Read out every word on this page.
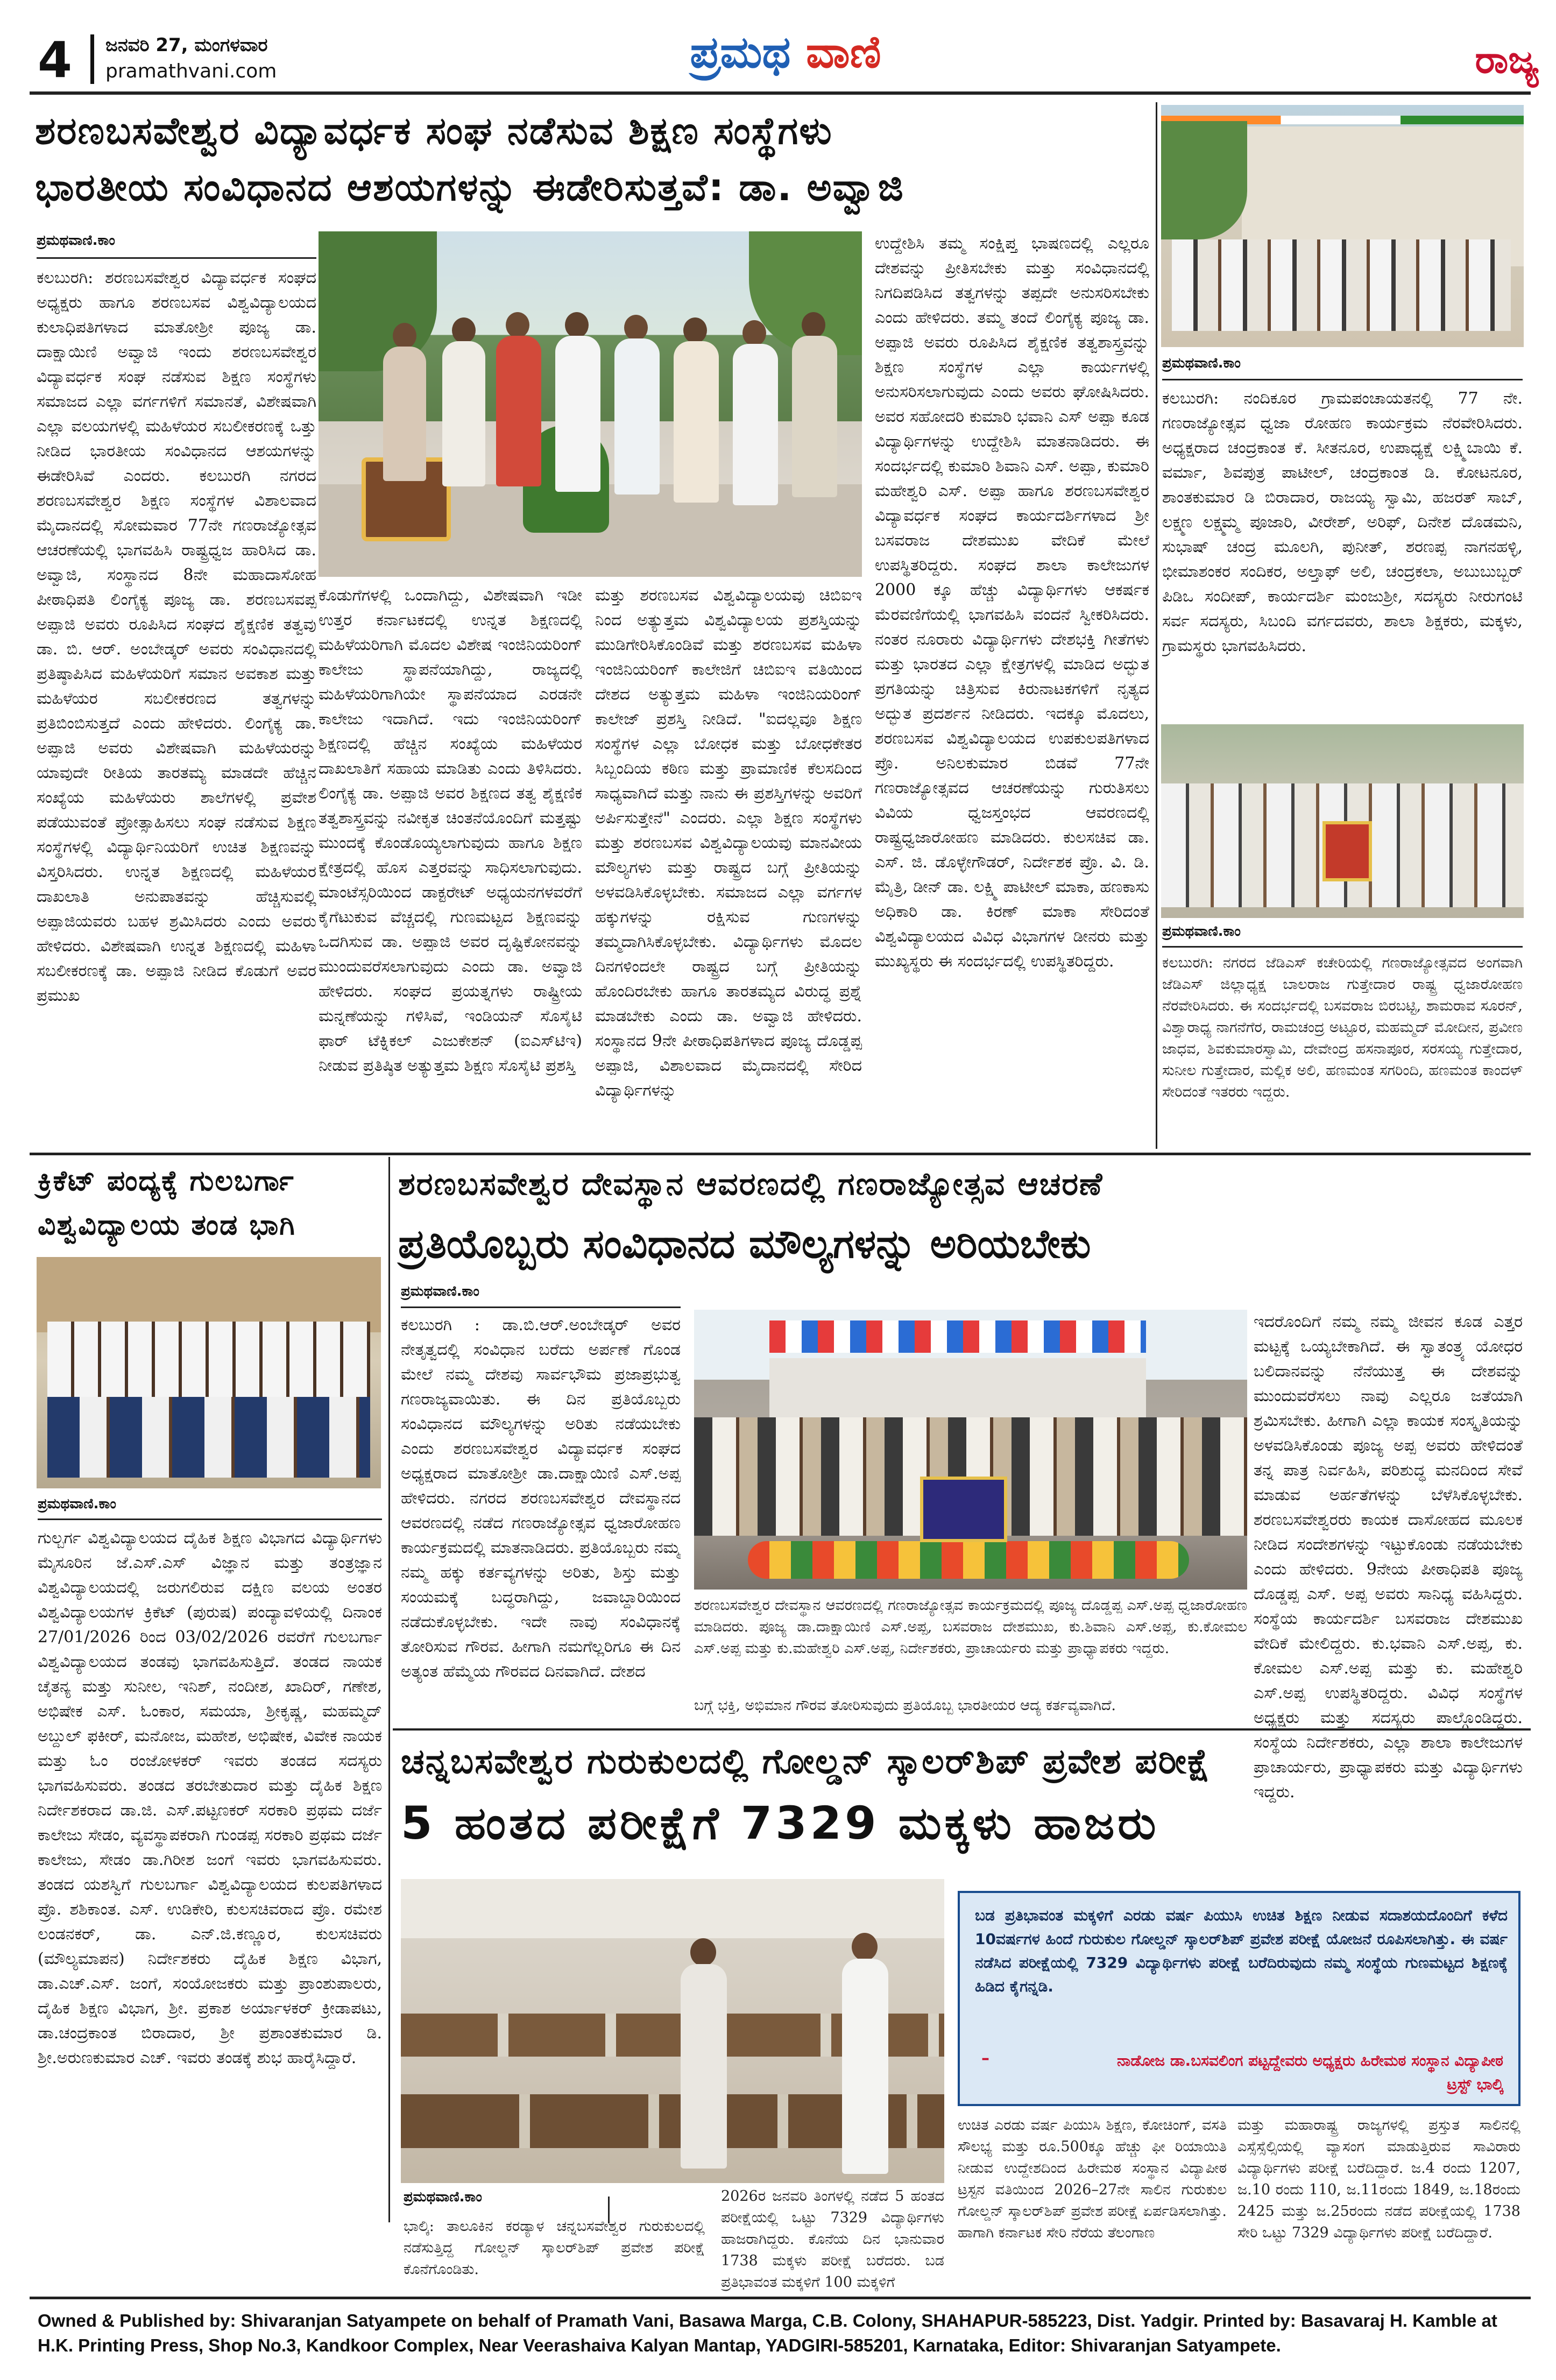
4 ಜನವರಿ 27, ಮಂಗಳವಾರ
pramathvani.com	ಪ್ರಮಥ ವಾಣಿ	ರಾಜ್ಯ
ಶರಣಬಸವೇಶ್ವರ ವಿದ್ಯಾವರ್ಧಕ ಸಂಘ ನಡೆಸುವ ಶಿಕ್ಷಣ ಸಂಸ್ಥೆಗಳು
ಭಾರತೀಯ ಸಂವಿಧಾನದ ಆಶಯಗಳನ್ನು ಈಡೇರಿಸುತ್ತವೆ: ಡಾ. ಅವ್ವಾಜಿ
ಪ್ರಮಥವಾಣಿ.ಕಾಂ
ಕಲಬುರಗಿ: ಶರಣಬಸವೇಶ್ವರ ವಿದ್ಯಾವರ್ಧಕ ಸಂಘದ ಅಧ್ಯಕ್ಷರು ಹಾಗೂ ಶರಣಬಸವ ವಿಶ್ವವಿದ್ಯಾಲಯದ ಕುಲಾಧಿಪತಿಗಳಾದ ಮಾತೋಶ್ರೀ ಪೂಜ್ಯ ಡಾ. ದಾಕ್ಷಾಯಿಣಿ ಅವ್ವಾಜಿ ಇಂದು ಶರಣಬಸವೇಶ್ವರ ವಿದ್ಯಾವರ್ಧಕ ಸಂಘ ನಡೆಸುವ ಶಿಕ್ಷಣ ಸಂಸ್ಥೆಗಳು ಸಮಾಜದ ಎಲ್ಲಾ ವರ್ಗಗಳಿಗೆ ಸಮಾನತೆ, ವಿಶೇಷವಾಗಿ ಎಲ್ಲಾ ವಲಯಗಳಲ್ಲಿ ಮಹಿಳೆಯರ ಸಬಲೀಕರಣಕ್ಕೆ ಒತ್ತು ನೀಡಿದ ಭಾರತೀಯ ಸಂವಿಧಾನದ ಆಶಯಗಳನ್ನು ಈಡೇರಿಸಿವೆ ಎಂದರು. ಕಲಬುರಗಿ ನಗರದ ಶರಣಬಸವೇಶ್ವರ ಶಿಕ್ಷಣ ಸಂಸ್ಥೆಗಳ ವಿಶಾಲವಾದ ಮೈದಾನದಲ್ಲಿ ಸೋಮವಾರ 77ನೇ ಗಣರಾಜ್ಯೋತ್ಸವ ಆಚರಣೆಯಲ್ಲಿ ಭಾಗವಹಿಸಿ ರಾಷ್ಟ್ರಧ್ವಜ ಹಾರಿಸಿದ ಡಾ. ಅವ್ವಾಜಿ, ಸಂಸ್ಥಾನದ 8ನೇ ಮಹಾದಾಸೋಹ ಪೀಠಾಧಿಪತಿ ಲಿಂಗೈಕ್ಯ ಪೂಜ್ಯ ಡಾ. ಶರಣಬಸವಪ್ಪ ಅಪ್ಪಾಜಿ ಅವರು ರೂಪಿಸಿದ ಸಂಘದ ಶೈಕ್ಷಣಿಕ ತತ್ವವು ಡಾ. ಬಿ. ಆರ್. ಅಂಬೇಡ್ಕರ್ ಅವರು ಸಂವಿಧಾನದಲ್ಲಿ ಪ್ರತಿಷ್ಠಾಪಿಸಿದ ಮಹಿಳೆಯರಿಗೆ ಸಮಾನ ಅವಕಾಶ ಮತ್ತು ಮಹಿಳೆಯರ ಸಬಲೀಕರಣದ ತತ್ವಗಳನ್ನು ಪ್ರತಿಬಿಂಬಿಸುತ್ತದೆ ಎಂದು ಹೇಳಿದರು. ಲಿಂಗೈಕ್ಯ ಡಾ. ಅಪ್ಪಾಜಿ ಅವರು ವಿಶೇಷವಾಗಿ ಮಹಿಳೆಯರನ್ನು ಯಾವುದೇ ರೀತಿಯ ತಾರತಮ್ಯ ಮಾಡದೇ ಹೆಚ್ಚಿನ ಸಂಖ್ಯೆಯ ಮಹಿಳೆಯರು ಶಾಲೆಗಳಲ್ಲಿ ಪ್ರವೇಶ ಪಡೆಯುವಂತೆ ಪ್ರೋತ್ಸಾಹಿಸಲು ಸಂಘ ನಡೆಸುವ ಶಿಕ್ಷಣ ಸಂಸ್ಥೆಗಳಲ್ಲಿ ವಿದ್ಯಾರ್ಥಿನಿಯರಿಗೆ ಉಚಿತ ಶಿಕ್ಷಣವನ್ನು ವಿಸ್ತರಿಸಿದರು. ಉನ್ನತ ಶಿಕ್ಷಣದಲ್ಲಿ ಮಹಿಳೆಯರ ದಾಖಲಾತಿ ಅನುಪಾತವನ್ನು ಹೆಚ್ಚಿಸುವಲ್ಲಿ ಅಪ್ಪಾಜಿಯವರು ಬಹಳ ಶ್ರಮಿಸಿದರು ಎಂದು ಅವರು ಹೇಳಿದರು. ವಿಶೇಷವಾಗಿ ಉನ್ನತ ಶಿಕ್ಷಣದಲ್ಲಿ ಮಹಿಳಾ ಸಬಲೀಕರಣಕ್ಕೆ ಡಾ. ಅಪ್ಪಾಜಿ ನೀಡಿದ ಕೊಡುಗೆ ಅವರ ಪ್ರಮುಖ
ಕೊಡುಗೆಗಳಲ್ಲಿ ಒಂದಾಗಿದ್ದು, ವಿಶೇಷವಾಗಿ ಇಡೀ ಉತ್ತರ ಕರ್ನಾಟಕದಲ್ಲಿ ಉನ್ನತ ಶಿಕ್ಷಣದಲ್ಲಿ ಮಹಿಳೆಯರಿಗಾಗಿ ಮೊದಲ ವಿಶೇಷ ಇಂಜಿನಿಯರಿಂಗ್ ಕಾಲೇಜು ಸ್ಥಾಪನೆಯಾಗಿದ್ದು, ರಾಜ್ಯದಲ್ಲಿ ಮಹಿಳೆಯರಿಗಾಗಿಯೇ ಸ್ಥಾಪನೆಯಾದ ಎರಡನೇ ಕಾಲೇಜು ಇದಾಗಿದೆ. ಇದು ಇಂಜಿನಿಯರಿಂಗ್ ಶಿಕ್ಷಣದಲ್ಲಿ ಹೆಚ್ಚಿನ ಸಂಖ್ಯೆಯ ಮಹಿಳೆಯರ ದಾಖಲಾತಿಗೆ ಸಹಾಯ ಮಾಡಿತು ಎಂದು ತಿಳಿಸಿದರು. ಲಿಂಗೈಕ್ಯ ಡಾ. ಅಪ್ಪಾಜಿ ಅವರ ಶಿಕ್ಷಣದ ತತ್ವ ಶೈಕ್ಷಣಿಕ ತತ್ವಶಾಸ್ತ್ರವನ್ನು ನವೀಕೃತ ಚಿಂತನೆಯೊಂದಿಗೆ ಮತ್ತಷ್ಟು ಮುಂದಕ್ಕೆ ಕೊಂಡೊಯ್ಯಲಾಗುವುದು ಹಾಗೂ ಶಿಕ್ಷಣ ಕ್ಷೇತ್ರದಲ್ಲಿ ಹೊಸ ಎತ್ತರವನ್ನು ಸಾಧಿಸಲಾಗುವುದು. ಮಾಂಟೆಸ್ಸರಿಯಿಂದ ಡಾಕ್ಟರೇಟ್ ಅಧ್ಯಯನಗಳವರೆಗೆ ಕೈಗೆಟುಕುವ ವೆಚ್ಚದಲ್ಲಿ ಗುಣಮಟ್ಟದ ಶಿಕ್ಷಣವನ್ನು ಒದಗಿಸುವ ಡಾ. ಅಪ್ಪಾಜಿ ಅವರ ದೃಷ್ಟಿಕೋನವನ್ನು ಮುಂದುವರೆಸಲಾಗುವುದು ಎಂದು ಡಾ. ಅವ್ವಾಜಿ ಹೇಳಿದರು. ಸಂಘದ ಪ್ರಯತ್ನಗಳು ರಾಷ್ಟ್ರೀಯ ಮನ್ನಣೆಯನ್ನು ಗಳಿಸಿವೆ, ಇಂಡಿಯನ್ ಸೊಸೈಟಿ ಫಾರ್ ಟೆಕ್ನಿಕಲ್ ಎಜುಕೇಶನ್ (ಐಎಸ್‌ಟಿಇ) ನೀಡುವ ಪ್ರತಿಷ್ಠಿತ ಅತ್ಯುತ್ತಮ ಶಿಕ್ಷಣ ಸೊಸೈಟಿ ಪ್ರಶಸ್ತಿ
ಮತ್ತು ಶರಣಬಸವ ವಿಶ್ವವಿದ್ಯಾಲಯವು ಚಿಬಿಐಇ ನಿಂದ ಅತ್ಯುತ್ತಮ ವಿಶ್ವವಿದ್ಯಾಲಯ ಪ್ರಶಸ್ತಿಯನ್ನು ಮುಡಿಗೇರಿಸಿಕೊಂಡಿವೆ ಮತ್ತು ಶರಣಬಸವ ಮಹಿಳಾ ಇಂಜಿನಿಯರಿಂಗ್ ಕಾಲೇಜಿಗೆ ಚಿಬಿಐಇ ವತಿಯಿಂದ ದೇಶದ ಅತ್ಯುತ್ತಮ ಮಹಿಳಾ ಇಂಜಿನಿಯರಿಂಗ್ ಕಾಲೇಜ್ ಪ್ರಶಸ್ತಿ ನೀಡಿದೆ. "ಐದಲ್ಲವೂ ಶಿಕ್ಷಣ ಸಂಸ್ಥೆಗಳ ಎಲ್ಲಾ ಬೋಧಕ ಮತ್ತು ಬೋಧಕೇತರ ಸಿಬ್ಬಂದಿಯ ಕಠಿಣ ಮತ್ತು ಪ್ರಾಮಾಣಿಕ ಕೆಲಸದಿಂದ ಸಾಧ್ಯವಾಗಿದೆ ಮತ್ತು ನಾನು ಈ ಪ್ರಶಸ್ತಿಗಳನ್ನು ಅವರಿಗೆ ಅರ್ಪಿಸುತ್ತೇನೆ" ಎಂದರು. ಎಲ್ಲಾ ಶಿಕ್ಷಣ ಸಂಸ್ಥೆಗಳು ಮತ್ತು ಶರಣಬಸವ ವಿಶ್ವವಿದ್ಯಾಲಯವು ಮಾನವೀಯ ಮೌಲ್ಯಗಳು ಮತ್ತು ರಾಷ್ಟ್ರದ ಬಗ್ಗೆ ಪ್ರೀತಿಯನ್ನು ಅಳವಡಿಸಿಕೊಳ್ಳಬೇಕು. ಸಮಾಜದ ಎಲ್ಲಾ ವರ್ಗಗಳ ಹಕ್ಕುಗಳನ್ನು ರಕ್ಷಿಸುವ ಗುಣಗಳನ್ನು ತಮ್ಮದಾಗಿಸಿಕೊಳ್ಳಬೇಕು. ವಿದ್ಯಾರ್ಥಿಗಳು ಮೊದಲ ದಿನಗಳಿಂದಲೇ ರಾಷ್ಟ್ರದ ಬಗ್ಗೆ ಪ್ರೀತಿಯನ್ನು ಹೊಂದಿರಬೇಕು ಹಾಗೂ ತಾರತಮ್ಯದ ವಿರುದ್ಧ ಪ್ರಶ್ನೆ ಮಾಡಬೇಕು ಎಂದು ಡಾ. ಅವ್ವಾಜಿ ಹೇಳಿದರು. ಸಂಸ್ಥಾನದ 9ನೇ ಪೀಠಾಧಿಪತಿಗಳಾದ ಪೂಜ್ಯ ದೊಡ್ಡಪ್ಪ ಅಪ್ಪಾಜಿ, ವಿಶಾಲವಾದ ಮೈದಾನದಲ್ಲಿ ಸೇರಿದ ವಿದ್ಯಾರ್ಥಿಗಳನ್ನು
ಉದ್ದೇಶಿಸಿ ತಮ್ಮ ಸಂಕ್ಷಿಪ್ತ ಭಾಷಣದಲ್ಲಿ ಎಲ್ಲರೂ ದೇಶವನ್ನು ಪ್ರೀತಿಸಬೇಕು ಮತ್ತು ಸಂವಿಧಾನದಲ್ಲಿ ನಿಗದಿಪಡಿಸಿದ ತತ್ವಗಳನ್ನು ತಪ್ಪದೇ ಅನುಸರಿಸಬೇಕು ಎಂದು ಹೇಳಿದರು. ತಮ್ಮ ತಂದೆ ಲಿಂಗೈಕ್ಯ ಪೂಜ್ಯ ಡಾ. ಅಪ್ಪಾಜಿ ಅವರು ರೂಪಿಸಿದ ಶೈಕ್ಷಣಿಕ ತತ್ವಶಾಸ್ತ್ರವನ್ನು ಶಿಕ್ಷಣ ಸಂಸ್ಥೆಗಳ ಎಲ್ಲಾ ಕಾರ್ಯಗಳಲ್ಲಿ ಅನುಸರಿಸಲಾಗುವುದು ಎಂದು ಅವರು ಘೋಷಿಸಿದರು. ಅವರ ಸಹೋದರಿ ಕುಮಾರಿ ಭವಾನಿ ಎಸ್ ಅಪ್ಪಾ ಕೂಡ ವಿದ್ಯಾರ್ಥಿಗಳನ್ನು ಉದ್ದೇಶಿಸಿ ಮಾತನಾಡಿದರು. ಈ ಸಂದರ್ಭದಲ್ಲಿ ಕುಮಾರಿ ಶಿವಾನಿ ಎಸ್. ಅಪ್ಪಾ, ಕುಮಾರಿ ಮಹೇಶ್ವರಿ ಎಸ್. ಅಪ್ಪಾ ಹಾಗೂ ಶರಣಬಸವೇಶ್ವರ ವಿದ್ಯಾವರ್ಧಕ ಸಂಘದ ಕಾರ್ಯದರ್ಶಿಗಳಾದ ಶ್ರೀ ಬಸವರಾಜ ದೇಶಮುಖ ವೇದಿಕೆ ಮೇಲೆ ಉಪಸ್ಥಿತರಿದ್ದರು. ಸಂಘದ ಶಾಲಾ ಕಾಲೇಜುಗಳ 2000 ಕ್ಕೂ ಹೆಚ್ಚು ವಿದ್ಯಾರ್ಥಿಗಳು ಆಕರ್ಷಕ ಮೆರವಣಿಗೆಯಲ್ಲಿ ಭಾಗವಹಿಸಿ ವಂದನೆ ಸ್ವೀಕರಿಸಿದರು. ನಂತರ ನೂರಾರು ವಿದ್ಯಾರ್ಥಿಗಳು ದೇಶಭಕ್ತಿ ಗೀತೆಗಳು ಮತ್ತು ಭಾರತದ ಎಲ್ಲಾ ಕ್ಷೇತ್ರಗಳಲ್ಲಿ ಮಾಡಿದ ಅದ್ಭುತ ಪ್ರಗತಿಯನ್ನು ಚಿತ್ರಿಸುವ ಕಿರುನಾಟಕಗಳಿಗೆ ನೃತ್ಯದ ಅದ್ಭುತ ಪ್ರದರ್ಶನ ನೀಡಿದರು. ಇದಕ್ಕೂ ಮೊದಲು, ಶರಣಬಸವ ವಿಶ್ವವಿದ್ಯಾಲಯದ ಉಪಕುಲಪತಿಗಳಾದ ಪ್ರೊ. ಅನಿಲಕುಮಾರ ಬಿಡವೆ 77ನೇ ಗಣರಾಜ್ಯೋತ್ಸವದ ಆಚರಣೆಯನ್ನು ಗುರುತಿಸಲು ವಿವಿಯ ಧ್ವಜಸ್ತಂಭದ ಆವರಣದಲ್ಲಿ ರಾಷ್ಟ್ರಧ್ವಜಾರೋಹಣ ಮಾಡಿದರು. ಕುಲಸಚಿವ ಡಾ. ಎಸ್. ಜಿ. ಡೊಳ್ಳೇಗೌಡರ್, ನಿರ್ದೇಶಕ ಪ್ರೊ. ವಿ. ಡಿ. ಮೈತ್ರಿ, ಡೀನ್ ಡಾ. ಲಕ್ಷ್ಮಿ ಪಾಟೀಲ್ ಮಾಕಾ, ಹಣಕಾಸು ಅಧಿಕಾರಿ ಡಾ. ಕಿರಣ್ ಮಾಕಾ ಸೇರಿದಂತೆ ವಿಶ್ವವಿದ್ಯಾಲಯದ ವಿವಿಧ ವಿಭಾಗಗಳ ಡೀನರು ಮತ್ತು ಮುಖ್ಯಸ್ಥರು ಈ ಸಂದರ್ಭದಲ್ಲಿ ಉಪಸ್ಥಿತರಿದ್ದರು.
ಪ್ರಮಥವಾಣಿ.ಕಾಂ
ಕಲಬುರಗಿ: ನಂದಿಕೂರ ಗ್ರಾಮಪಂಚಾಯತನಲ್ಲಿ 77 ನೇ. ಗಣರಾಜ್ಯೋತ್ಸವ ಧ್ವಜಾ ರೋಹಣ ಕಾರ್ಯಕ್ರಮ ನೆರವೇರಿಸಿದರು. ಅಧ್ಯಕ್ಷರಾದ ಚಂದ್ರಕಾಂತ ಕೆ. ಸೀತನೂರ, ಉಪಾಧ್ಯಕ್ಷೆ ಲಕ್ಷ್ಮಿಬಾಯಿ ಕೆ. ವರ್ಮಾ, ಶಿವಪುತ್ರ ಪಾಟೀಲ್, ಚಂದ್ರಕಾಂತ ಡಿ. ಕೋಟನೂರ, ಶಾಂತಕುಮಾರ ಡಿ ಬಿರಾದಾರ, ರಾಜಯ್ಯ ಸ್ವಾಮಿ, ಹಜರತ್ ಸಾಬ್, ಲಕ್ಷ್ಮಣ ಲಕ್ಷ್ಮಮ್ಮ ಪೂಜಾರಿ, ವೀರೇಶ್, ಅರಿಫ್, ದಿನೇಶ ದೊಡಮನಿ, ಸುಭಾಷ್ ಚಂದ್ರ ಮೂಲಗಿ, ಪುನೀತ್, ಶರಣಪ್ಪ ನಾಗನಹಳ್ಳಿ, ಭೀಮಾಶಂಕರ ಸಂದಿಕರ, ಅಲ್ತಾಫ್ ಅಲಿ, ಚಂದ್ರಕಲಾ, ಅಬುಬುಬ್ಬರ್ ಪಿಡಿಒ ಸಂದೀಪ್, ಕಾರ್ಯದರ್ಶಿ ಮಂಜುಶ್ರೀ, ಸದಸ್ಯರು ನೀರುಗಂಟಿ ಸರ್ವ ಸದಸ್ಯರು, ಸಿಬಂದಿ ವರ್ಗದವರು, ಶಾಲಾ ಶಿಕ್ಷಕರು, ಮಕ್ಕಳು, ಗ್ರಾಮಸ್ಥರು ಭಾಗವಹಿಸಿದರು.
ಪ್ರಮಥವಾಣಿ.ಕಾಂ
ಕಲಬುರಗಿ: ನಗರದ ಜೆಡಿಎಸ್ ಕಚೇರಿಯಲ್ಲಿ ಗಣರಾಜ್ಯೋತ್ಸವದ ಅಂಗವಾಗಿ ಜೆಡಿಎಸ್ ಜಿಲ್ಲಾಧ್ಯಕ್ಷ ಬಾಲರಾಜ ಗುತ್ತೇದಾರ ರಾಷ್ಟ್ರ ಧ್ವಜಾರೋಹಣ ನೆರವೇರಿಸಿದರು. ಈ ಸಂದರ್ಭದಲ್ಲಿ ಬಸವರಾಜ ಬಿರಬಟ್ಟಿ, ಶಾಮರಾವ ಸೂರನ್, ವಿಶ್ವಾರಾಧ್ಯ ನಾಗನೆಗೆರ, ರಾಮಚಂದ್ರ ಅಟ್ಟೂರ, ಮಹಮ್ಮದ್ ಮೋದೀನ, ಪ್ರವೀಣ ಜಾಧವ, ಶಿವಕುಮಾರಸ್ವಾಮಿ, ದೇವೇಂದ್ರ ಹಸನಾಪೂರ, ಸರಸಯ್ಯ ಗುತ್ತೇದಾರ, ಸುನೀಲ ಗುತ್ತೇದಾರ, ಮಲ್ಲಿಕ ಅಲಿ, ಹಣಮಂತ ಸಗರಿಂದಿ, ಹಣಮಂತ ಕಾಂದಳ್ ಸೇರಿದಂತೆ ಇತರರು ಇದ್ದರು.
ಕ್ರಿಕೆಟ್ ಪಂದ್ಯಕ್ಕೆ ಗುಲಬರ್ಗಾ
ವಿಶ್ವವಿದ್ಯಾಲಯ ತಂಡ ಭಾಗಿ
ಪ್ರಮಥವಾಣಿ.ಕಾಂ
ಗುಲ್ಬರ್ಗ ವಿಶ್ವವಿದ್ಯಾಲಯದ ದೈಹಿಕ ಶಿಕ್ಷಣ ವಿಭಾಗದ ವಿದ್ಯಾರ್ಥಿಗಳು ಮೈಸೂರಿನ ಜೆ.ಎಸ್.ಎಸ್ ವಿಜ್ಞಾನ ಮತ್ತು ತಂತ್ರಜ್ಞಾನ ವಿಶ್ವವಿದ್ಯಾಲಯದಲ್ಲಿ ಜರುಗಲಿರುವ ದಕ್ಷಿಣ ವಲಯ ಅಂತರ ವಿಶ್ವವಿದ್ಯಾಲಯಗಳ ಕ್ರಿಕೆಟ್ (ಪುರುಷ) ಪಂದ್ಯಾವಳಿಯಲ್ಲಿ ದಿನಾಂಕ 27/01/2026 ರಿಂದ 03/02/2026 ರವರೆಗೆ ಗುಲಬರ್ಗಾ ವಿಶ್ವವಿದ್ಯಾಲಯದ ತಂಡವು ಭಾಗವಹಿಸುತ್ತಿದೆ. ತಂಡದ ನಾಯಕ ಚೈತನ್ಯ ಮತ್ತು ಸುನೀಲ, ಇನಿಶ್, ನಂದೀಶ, ಖಾದಿರ್, ಗಣೇಶ, ಅಭಿಷೇಕ ಎಸ್. ಓಂಕಾರ, ಸಮಯಾ, ಶ್ರೀಕೃಷ್ಣ, ಮಹಮ್ಮದ್ ಅಬ್ದುಲ್ ಫಕೀರ್, ಮನೋಜ, ಮಹೇಶ, ಅಭಿಷೇಕ, ವಿವೇಕ ನಾಯಕ ಮತ್ತು ಓಂ ರಂಜೋಳಕರ್ ಇವರು ತಂಡದ ಸದಸ್ಯರು ಭಾಗವಹಿಸುವರು. ತಂಡದ ತರಬೇತುದಾರ ಮತ್ತು ದೈಹಿಕ ಶಿಕ್ಷಣ ನಿರ್ದೇಶಕರಾದ ಡಾ.ಜಿ. ಎಸ್.ಪಟ್ಟಣಕರ್ ಸರಕಾರಿ ಪ್ರಥಮ ದರ್ಜೆ ಕಾಲೇಜು ಸೇಡಂ, ವ್ಯವಸ್ಥಾಪಕರಾಗಿ ಗುಂಡಪ್ಪ ಸರಕಾರಿ ಪ್ರಥಮ ದರ್ಜೆ ಕಾಲೇಜು, ಸೇಡಂ ಡಾ.ಗಿರೀಶ ಜಂಗೆ ಇವರು ಭಾಗವಹಿಸುವರು. ತಂಡದ ಯಶಸ್ವಿಗೆ ಗುಲಬರ್ಗಾ ವಿಶ್ವವಿದ್ಯಾಲಯದ ಕುಲಪತಿಗಳಾದ ಪ್ರೊ. ಶಶಿಕಾಂತ. ಎಸ್. ಉಡಿಕೇರಿ, ಕುಲಸಚಿವರಾದ ಪ್ರೊ. ರಮೇಶ ಲಂಡನಕರ್, ಡಾ. ಎನ್.ಜಿ.ಕಣ್ಣೂರ, ಕುಲಸಚಿವರು (ಮೌಲ್ಯಮಾಪನ) ನಿರ್ದೇಶಕರು ದೈಹಿಕ ಶಿಕ್ಷಣ ವಿಭಾಗ, ಡಾ.ಎಚ್.ಎಸ್. ಜಂಗೆ, ಸಂಯೋಜಕರು ಮತ್ತು ಪ್ರಾಂಶುಪಾಲರು, ದೈಹಿಕ ಶಿಕ್ಷಣ ವಿಭಾಗ, ಶ್ರೀ. ಪ್ರಕಾಶ ಅರ್ಯಾಳಕರ್ ಕ್ರೀಡಾಪಟು, ಡಾ.ಚಂದ್ರಕಾಂತ ಬಿರಾದಾರ, ಶ್ರೀ ಪ್ರಶಾಂತಕುಮಾರ ಡಿ. ಶ್ರೀ.ಅರುಣಕುಮಾರ ಎಚ್. ಇವರು ತಂಡಕ್ಕೆ ಶುಭ ಹಾರೈಸಿದ್ದಾರೆ.
ಶರಣಬಸವೇಶ್ವರ ದೇವಸ್ಥಾನ ಆವರಣದಲ್ಲಿ ಗಣರಾಜ್ಯೋತ್ಸವ ಆಚರಣೆ
ಪ್ರತಿಯೊಬ್ಬರು ಸಂವಿಧಾನದ ಮೌಲ್ಯಗಳನ್ನು ಅರಿಯಬೇಕು
ಪ್ರಮಥವಾಣಿ.ಕಾಂ
ಕಲಬುರಗಿ : ಡಾ.ಬಿ.ಆರ್.ಅಂಬೇಡ್ಕರ್ ಅವರ ನೇತೃತ್ವದಲ್ಲಿ ಸಂವಿಧಾನ ಬರೆದು ಅರ್ಪಣೆ ಗೊಂಡ ಮೇಲೆ ನಮ್ಮ ದೇಶವು ಸಾರ್ವಭೌಮ ಪ್ರಜಾಪ್ರಭುತ್ವ ಗಣರಾಜ್ಯವಾಯಿತು. ಈ ದಿನ ಪ್ರತಿಯೊಬ್ಬರು ಸಂವಿಧಾನದ ಮೌಲ್ಯಗಳನ್ನು ಅರಿತು ನಡೆಯಬೇಕು ಎಂದು ಶರಣಬಸವೇಶ್ವರ ವಿದ್ಯಾವರ್ಧಕ ಸಂಘದ ಅಧ್ಯಕ್ಷರಾದ ಮಾತೋಶ್ರೀ ಡಾ.ದಾಕ್ಷಾಯಿಣಿ ಎಸ್.ಅಪ್ಪ ಹೇಳಿದರು. ನಗರದ ಶರಣಬಸವೇಶ್ವರ ದೇವಸ್ಥಾನದ ಆವರಣದಲ್ಲಿ ನಡೆದ ಗಣರಾಜ್ಯೋತ್ಸವ ಧ್ವಜಾರೋಹಣ ಕಾರ್ಯಕ್ರಮದಲ್ಲಿ ಮಾತನಾಡಿದರು. ಪ್ರತಿಯೊಬ್ಬರು ನಮ್ಮ ನಮ್ಮ ಹಕ್ಕು ಕರ್ತವ್ಯಗಳನ್ನು ಅರಿತು, ಶಿಸ್ತು ಮತ್ತು ಸಂಯಮಕ್ಕೆ ಬದ್ಧರಾಗಿದ್ದು, ಜವಾಬ್ದಾರಿಯಿಂದ ನಡೆದುಕೊಳ್ಳಬೇಕು. ಇದೇ ನಾವು ಸಂವಿಧಾನಕ್ಕೆ ತೋರಿಸುವ ಗೌರವ. ಹೀಗಾಗಿ ನಮಗೆಲ್ಲರಿಗೂ ಈ ದಿನ ಅತ್ಯಂತ ಹೆಮ್ಮೆಯ ಗೌರವದ ದಿನವಾಗಿದೆ. ದೇಶದ
ಶರಣಬಸವೇಶ್ವರ ದೇವಸ್ಥಾನ ಆವರಣದಲ್ಲಿ ಗಣರಾಜ್ಯೋತ್ಸವ ಕಾರ್ಯಕ್ರಮದಲ್ಲಿ ಪೂಜ್ಯ ದೊಡ್ಡಪ್ಪ ಎಸ್.ಅಪ್ಪ ಧ್ವಜಾರೋಹಣ ಮಾಡಿದರು. ಪೂಜ್ಯ ಡಾ.ದಾಕ್ಷಾಯಿಣಿ ಎಸ್.ಅಪ್ಪ, ಬಸವರಾಜ ದೇಶಮುಖ, ಕು.ಶಿವಾನಿ ಎಸ್.ಅಪ್ಪ, ಕು.ಕೋಮಲ ಎಸ್.ಅಪ್ಪ ಮತ್ತು ಕು.ಮಹೇಶ್ವರಿ ಎಸ್.ಅಪ್ಪ, ನಿರ್ದೇಶಕರು, ಪ್ರಾಚಾರ್ಯರು ಮತ್ತು ಪ್ರಾಧ್ಯಾಪಕರು ಇದ್ದರು.
ಬಗ್ಗೆ ಭಕ್ತಿ, ಅಭಿಮಾನ ಗೌರವ ತೋರಿಸುವುದು ಪ್ರತಿಯೊಬ್ಬ ಭಾರತೀಯರ ಆದ್ಯ ಕರ್ತವ್ಯವಾಗಿದೆ.
ಇದರೊಂದಿಗೆ ನಮ್ಮ ನಮ್ಮ ಜೀವನ ಕೂಡ ಎತ್ತರ ಮಟ್ಟಕ್ಕೆ ಒಯ್ಯಬೇಕಾಗಿದೆ. ಈ ಸ್ವಾತಂತ್ರ್ಯ ಯೋಧರ ಬಲಿದಾನವನ್ನು ನೆನೆಯುತ್ತ ಈ ದೇಶವನ್ನು ಮುಂದುವರೆಸಲು ನಾವು ಎಲ್ಲರೂ ಜತೆಯಾಗಿ ಶ್ರಮಿಸಬೇಕು. ಹೀಗಾಗಿ ಎಲ್ಲಾ ಕಾಯಕ ಸಂಸ್ಕೃತಿಯನ್ನು ಅಳವಡಿಸಿಕೊಂಡು ಪೂಜ್ಯ ಅಪ್ಪ ಅವರು ಹೇಳಿದಂತೆ ತನ್ನ ಪಾತ್ರ ನಿರ್ವಹಿಸಿ, ಪರಿಶುದ್ಧ ಮನದಿಂದ ಸೇವೆ ಮಾಡುವ ಅರ್ಹತೆಗಳನ್ನು ಬೆಳೆಸಿಕೊಳ್ಳಬೇಕು. ಶರಣಬಸವೇಶ್ವರರು ಕಾಯಕ ದಾಸೋಹದ ಮೂಲಕ ನೀಡಿದ ಸಂದೇಶಗಳನ್ನು ಇಟ್ಟುಕೊಂಡು ನಡೆಯಬೇಕು ಎಂದು ಹೇಳಿದರು. 9ನೇಯ ಪೀಠಾಧಿಪತಿ ಪೂಜ್ಯ ದೊಡ್ಡಪ್ಪ ಎಸ್. ಅಪ್ಪ ಅವರು ಸಾನಿಧ್ಯ ವಹಿಸಿದ್ದರು. ಸಂಸ್ಥೆಯ ಕಾರ್ಯದರ್ಶಿ ಬಸವರಾಜ ದೇಶಮುಖ ವೇದಿಕೆ ಮೇಲಿದ್ದರು. ಕು.ಭವಾನಿ ಎಸ್.ಅಪ್ಪ, ಕು. ಕೋಮಲ ಎಸ್.ಅಪ್ಪ ಮತ್ತು ಕು. ಮಹೇಶ್ವರಿ ಎಸ್.ಅಪ್ಪ ಉಪಸ್ಥಿತರಿದ್ದರು. ವಿವಿಧ ಸಂಸ್ಥೆಗಳ ಅಧ್ಯಕ್ಷರು ಮತ್ತು ಸದಸ್ಯರು ಪಾಲ್ಗೊಂಡಿದ್ದರು. ಸಂಸ್ಥೆಯ ನಿರ್ದೇಶಕರು, ಎಲ್ಲಾ ಶಾಲಾ ಕಾಲೇಜುಗಳ ಪ್ರಾಚಾರ್ಯರು, ಪ್ರಾಧ್ಯಾಪಕರು ಮತ್ತು ವಿದ್ಯಾರ್ಥಿಗಳು ಇದ್ದರು.
ಚನ್ನಬಸವೇಶ್ವರ ಗುರುಕುಲದಲ್ಲಿ ಗೋಲ್ಡನ್ ಸ್ಕಾಲರ್‌ಶಿಪ್ ಪ್ರವೇಶ ಪರೀಕ್ಷೆ
5 ಹಂತದ ಪರೀಕ್ಷೆಗೆ 7329 ಮಕ್ಕಳು ಹಾಜರು
ಪ್ರಮಥವಾಣಿ.ಕಾಂ
ಭಾಲ್ಕಿ: ತಾಲೂಕಿನ ಕರಡ್ಯಾಳ ಚನ್ನಬಸವೇಶ್ವರ ಗುರುಕುಲದಲ್ಲಿ ನಡೆಸುತ್ತಿದ್ದ ಗೋಲ್ಡನ್ ಸ್ಕಾಲರ್‌ಶಿಪ್ ಪ್ರವೇಶ ಪರೀಕ್ಷೆ ಕೊನೆಗೊಂಡಿತು.
2026ರ ಜನವರಿ ತಿಂಗಳಲ್ಲಿ ನಡೆದ 5 ಹಂತದ ಪರೀಕ್ಷೆಯಲ್ಲಿ ಒಟ್ಟು 7329 ವಿದ್ಯಾರ್ಥಿಗಳು ಹಾಜರಾಗಿದ್ದರು. ಕೊನೆಯ ದಿನ ಭಾನುವಾರ 1738 ಮಕ್ಕಳು ಪರೀಕ್ಷೆ ಬರೆದರು. ಬಡ ಪ್ರತಿಭಾವಂತ ಮಕ್ಕಳಿಗೆ 100 ಮಕ್ಕಳಿಗೆ
ಬಡ ಪ್ರತಿಭಾವಂತ ಮಕ್ಕಳಿಗೆ ಎರಡು ವರ್ಷ ಪಿಯುಸಿ ಉಚಿತ ಶಿಕ್ಷಣ ನೀಡುವ ಸದಾಶಯದೊಂದಿಗೆ ಕಳೆದ 10ವರ್ಷಗಳ ಹಿಂದೆ ಗುರುಕುಲ ಗೋಲ್ಡನ್ ಸ್ಕಾಲರ್‌ಶಿಪ್ ಪ್ರವೇಶ ಪರೀಕ್ಷೆ ಯೋಜನೆ ರೂಪಿಸಲಾಗಿತ್ತು. ಈ ವರ್ಷ ನಡೆಸಿದ ಪರೀಕ್ಷೆಯಲ್ಲಿ 7329 ವಿದ್ಯಾರ್ಥಿಗಳು ಪರೀಕ್ಷೆ ಬರೆದಿರುವುದು ನಮ್ಮ ಸಂಸ್ಥೆಯ ಗುಣಮಟ್ಟದ ಶಿಕ್ಷಣಕ್ಕೆ ಹಿಡಿದ ಕೈಗನ್ನಡಿ.
–	ನಾಡೋಜ ಡಾ.ಬಸವಲಿಂಗ ಪಟ್ಟದ್ದೇವರು ಅಧ್ಯಕ್ಷರು ಹಿರೇಮಠ ಸಂಸ್ಥಾನ ವಿದ್ಯಾಪೀಠ ಟ್ರಸ್ಟ್ ಭಾಲ್ಕಿ
ಉಚಿತ ಎರಡು ವರ್ಷ ಪಿಯುಸಿ ಶಿಕ್ಷಣ, ಕೋಚಿಂಗ್, ವಸತಿ ಸೌಲಭ್ಯ ಮತ್ತು ರೂ.500ಕ್ಕೂ ಹೆಚ್ಚು ಫೀ ರಿಯಾಯಿತಿ ನೀಡುವ ಉದ್ದೇಶದಿಂದ ಹಿರೇಮಠ ಸಂಸ್ಥಾನ ವಿದ್ಯಾಪೀಠ ಟ್ರಸ್ಟನ ವತಿಯಿಂದ 2026–27ನೇ ಸಾಲಿನ ಗುರುಕುಲ ಗೋಲ್ಡನ್ ಸ್ಕಾಲರ್‌ಶಿಪ್ ಪ್ರವೇಶ ಪರೀಕ್ಷೆ ಏರ್ಪಡಿಸಲಾಗಿತ್ತು. ಹಾಗಾಗಿ ಕರ್ನಾಟಕ ಸೇರಿ ನೆರೆಯ ತೆಲಂಗಾಣ
ಮತ್ತು ಮಹಾರಾಷ್ಟ್ರ ರಾಜ್ಯಗಳಲ್ಲಿ ಪ್ರಸ್ತುತ ಸಾಲಿನಲ್ಲಿ ಎಸ್ಸೆಸ್ಸೆಲ್ಸಿಯಲ್ಲಿ ವ್ಯಾಸಂಗ ಮಾಡುತ್ತಿರುವ ಸಾವಿರಾರು ವಿದ್ಯಾರ್ಥಿಗಳು ಪರೀಕ್ಷೆ ಬರೆದಿದ್ದಾರೆ. ಜ.4 ರಂದು 1207, ಜ.10 ರಂದು 110, ಜ.11ರಂದು 1849, ಜ.18ರಂದು 2425 ಮತ್ತು ಜ.25ರಂದು ನಡೆದ ಪರೀಕ್ಷೆಯಲ್ಲಿ 1738 ಸೇರಿ ಒಟ್ಟು 7329 ವಿದ್ಯಾರ್ಥಿಗಳು ಪರೀಕ್ಷೆ ಬರೆದಿದ್ದಾರೆ.
Owned & Published by: Shivaranjan Satyampete on behalf of Pramath Vani, Basawa Marga, C.B. Colony, SHAHAPUR-585223, Dist. Yadgir. Printed by: Basavaraj H. Kamble at H.K. Printing Press, Shop No.3, Kandkoor Complex, Near Veerashaiva Kalyan Mantap, YADGIRI-585201, Karnataka, Editor: Shivaranjan Satyampete.
